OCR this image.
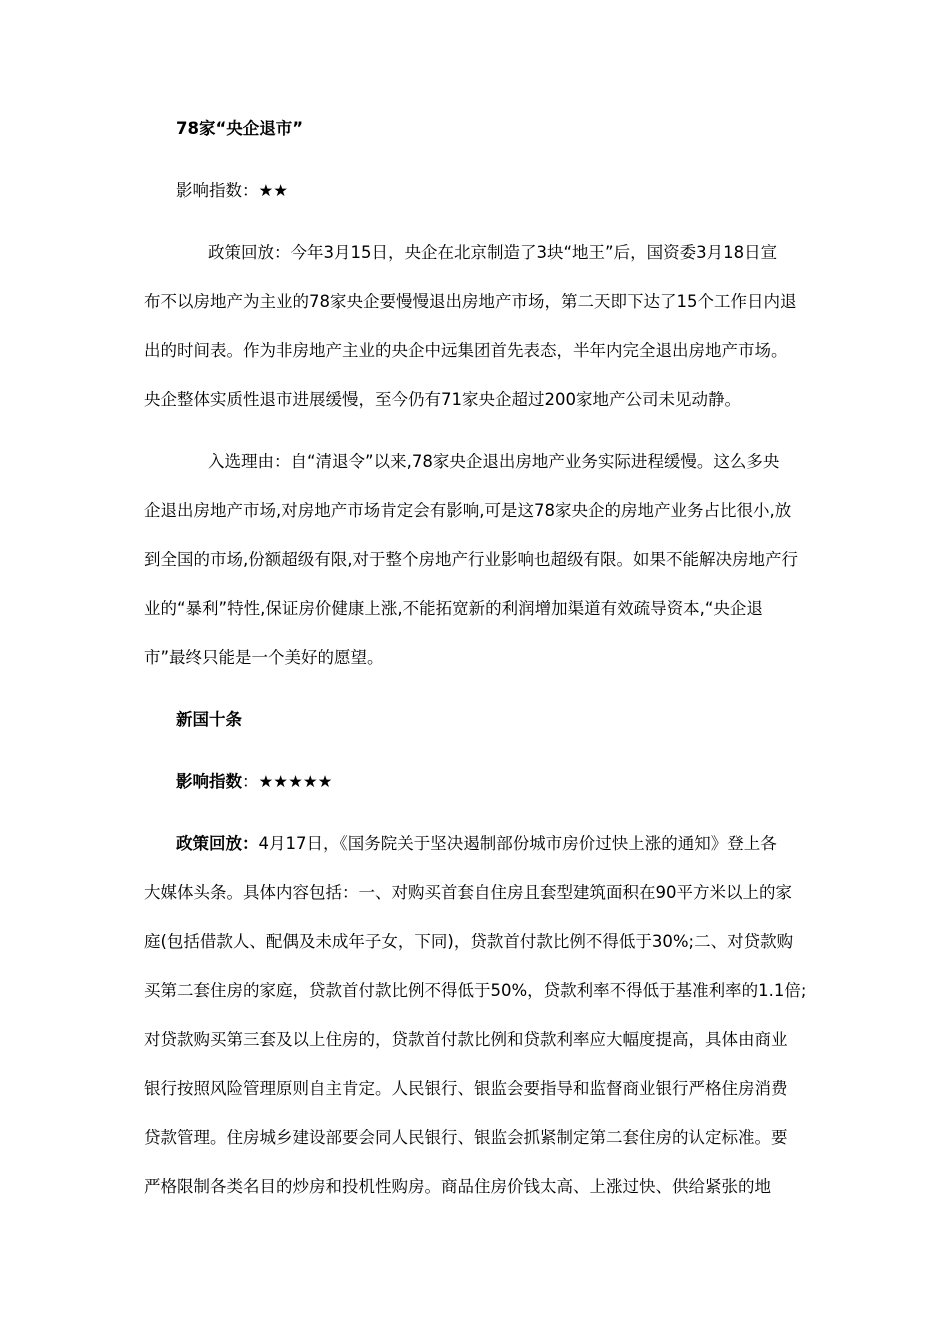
78家“央企退市”
影响指数：★★
政策回放：今年3月15日，央企在北京制造了3块“地王”后，国资委3月18日宣
布不以房地产为主业的78家央企要慢慢退出房地产市场，第二天即下达了15个工作日内退
出的时间表。作为非房地产主业的央企中远集团首先表态，半年内完全退出房地产市场。
央企整体实质性退市进展缓慢，至今仍有71家央企超过200家地产公司未见动静。
入选理由：自“清退令”以来,78家央企退出房地产业务实际进程缓慢。这么多央
企退出房地产市场,对房地产市场肯定会有影响,可是这78家央企的房地产业务占比很小,放
到全国的市场,份额超级有限,对于整个房地产行业影响也超级有限。如果不能解决房地产行
业的“暴利”特性,保证房价健康上涨,不能拓宽新的利润增加渠道有效疏导资本,“央企退
市”最终只能是一个美好的愿望。
新国十条
影响指数：★★★★★
政策回放：4月17日，《国务院关于坚决遏制部份城市房价过快上涨的通知》登上各
大媒体头条。具体内容包括：一、对购买首套自住房且套型建筑面积在90平方米以上的家
庭(包括借款人、配偶及未成年子女，下同)，贷款首付款比例不得低于30%;二、对贷款购
买第二套住房的家庭，贷款首付款比例不得低于50%，贷款利率不得低于基准利率的1.1倍;
对贷款购买第三套及以上住房的，贷款首付款比例和贷款利率应大幅度提高，具体由商业
银行按照风险管理原则自主肯定。人民银行、银监会要指导和监督商业银行严格住房消费
贷款管理。住房城乡建设部要会同人民银行、银监会抓紧制定第二套住房的认定标准。要
严格限制各类名目的炒房和投机性购房。商品住房价钱太高、上涨过快、供给紧张的地
